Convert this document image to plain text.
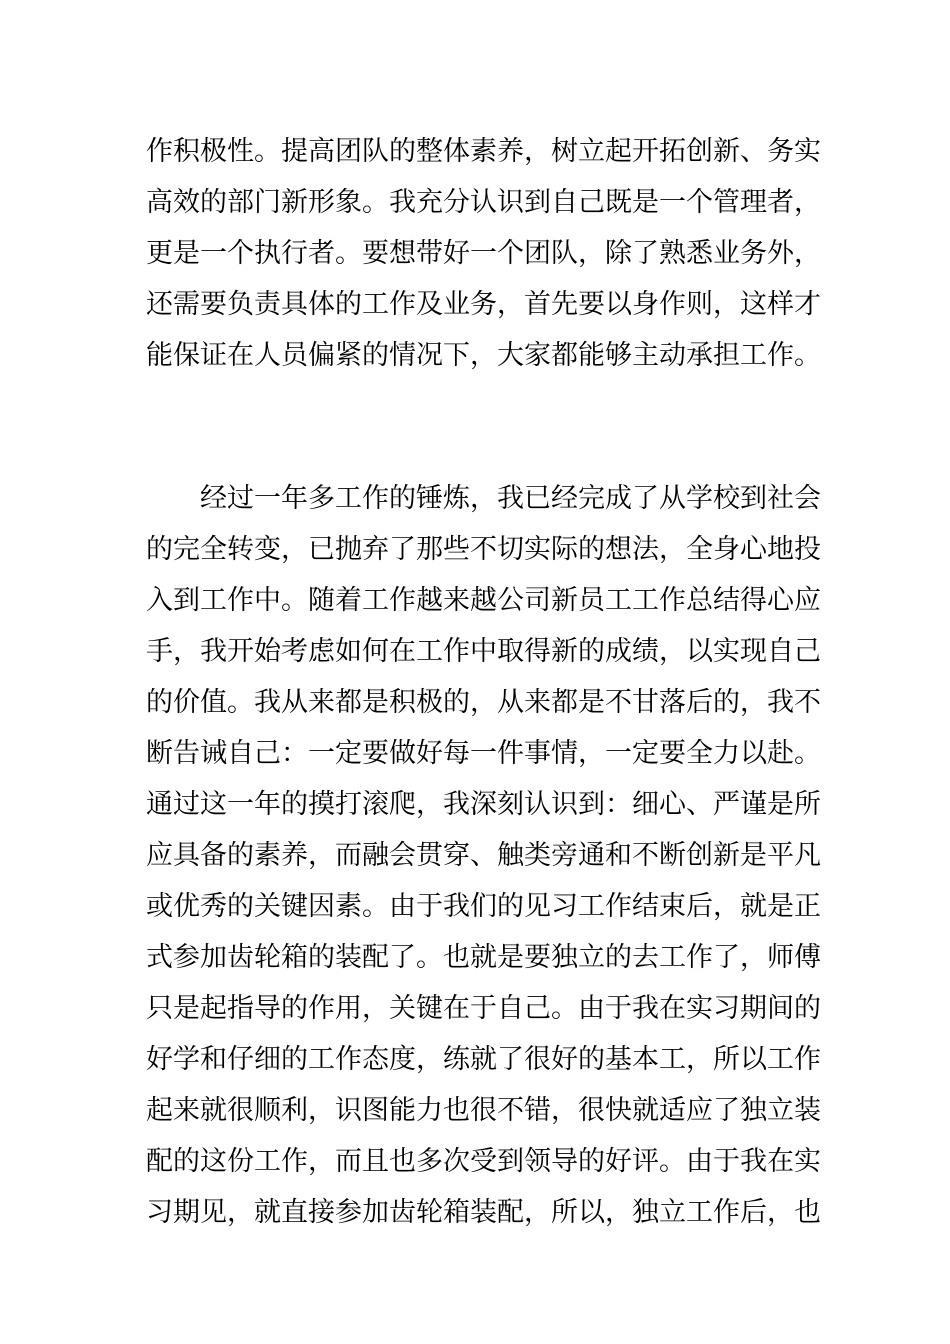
作积极性。提高团队的整体素养，树立起开拓创新、务实
高效的部门新形象。我充分认识到自己既是一个管理者，
更是一个执行者。要想带好一个团队，除了熟悉业务外，
还需要负责具体的工作及业务，首先要以身作则，这样才
能保证在人员偏紧的情况下，大家都能够主动承担工作。
　　经过一年多工作的锤炼，我已经完成了从学校到社会
的完全转变，已抛弃了那些不切实际的想法，全身心地投
入到工作中。随着工作越来越公司新员工工作总结得心应
手，我开始考虑如何在工作中取得新的成绩，以实现自己
的价值。我从来都是积极的，从来都是不甘落后的，我不
断告诫自己：一定要做好每一件事情，一定要全力以赴。
通过这一年的摸打滚爬，我深刻认识到：细心、严谨是所
应具备的素养，而融会贯穿、触类旁通和不断创新是平凡
或优秀的关键因素。由于我们的见习工作结束后，就是正
式参加齿轮箱的装配了。也就是要独立的去工作了，师傅
只是起指导的作用，关键在于自己。由于我在实习期间的
好学和仔细的工作态度，练就了很好的基本工，所以工作
起来就很顺利，识图能力也很不错，很快就适应了独立装
配的这份工作，而且也多次受到领导的好评。由于我在实
习期见，就直接参加齿轮箱装配，所以，独立工作后，也
